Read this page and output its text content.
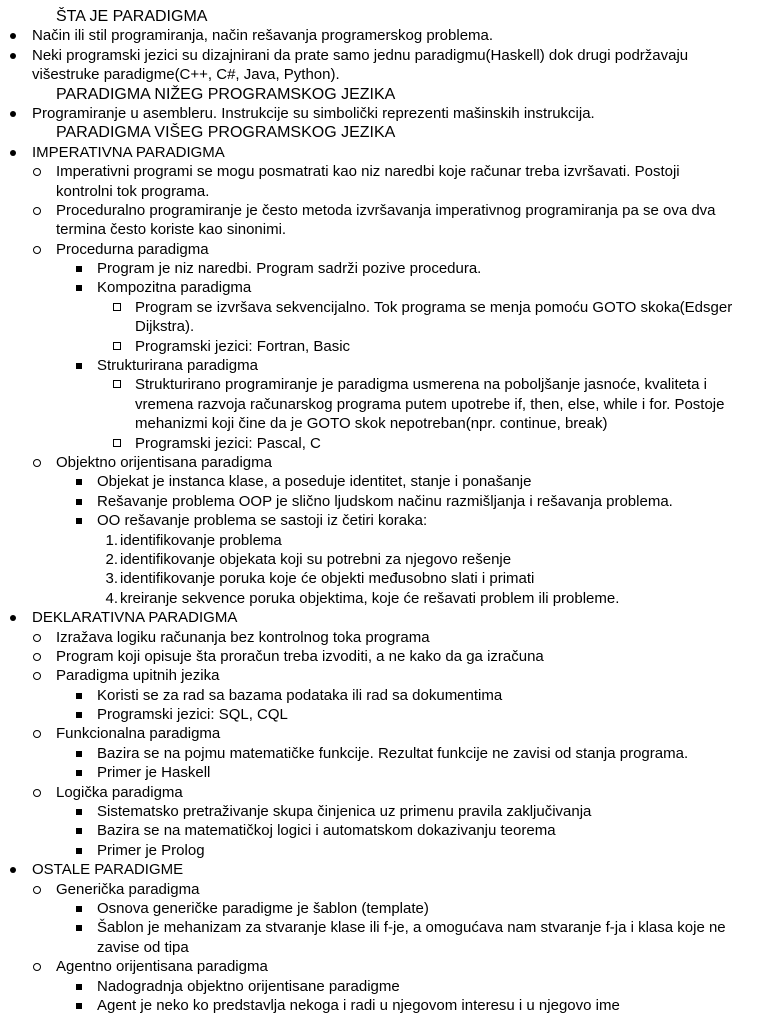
ŠTA JE PARADIGMA
Način ili stil programiranja, način rešavanja programerskog problema.
Neki programski jezici su dizajnirani da prate samo jednu paradigmu(Haskell) dok drugi podržavaju
višestruke paradigme(C++, C#, Java, Python).
PARADIGMA NIŽEG PROGRAMSKOG JEZIKA
Programiranje u asembleru. Instrukcije su simbolički reprezenti mašinskih instrukcija.
PARADIGMA VIŠEG PROGRAMSKOG JEZIKA
IMPERATIVNA PARADIGMA
Imperativni programi se mogu posmatrati kao niz naredbi koje računar treba izvršavati. Postoji
kontrolni tok programa.
Proceduralno programiranje je često metoda izvršavanja imperativnog programiranja pa se ova dva
termina često koriste kao sinonimi.
Procedurna paradigma
Program je niz naredbi. Program sadrži pozive procedura.
Kompozitna paradigma
Program se izvršava sekvencijalno. Tok programa se menja pomoću GOTO skoka(Edsger
Dijkstra).
Programski jezici: Fortran, Basic
Strukturirana paradigma
Strukturirano programiranje je paradigma usmerena na poboljšanje jasnoće, kvaliteta i
vremena razvoja računarskog programa putem upotrebe if, then, else, while i for. Postoje
mehanizmi koji čine da je GOTO skok nepotreban(npr. continue, break)
Programski jezici: Pascal, C
Objektno orijentisana paradigma
Objekat je instanca klase, a poseduje identitet, stanje i ponašanje
Rešavanje problema OOP je slično ljudskom načinu razmišljanja i rešavanja problema.
OO rešavanje problema se sastoji iz četiri koraka:
1. identifikovanje problema
2. identifikovanje objekata koji su potrebni za njegovo rešenje
3. identifikovanje poruka koje će objekti međusobno slati i primati
4. kreiranje sekvence poruka objektima, koje će rešavati problem ili probleme.
DEKLARATIVNA PARADIGMA
Izražava logiku računanja bez kontrolnog toka programa
Program koji opisuje šta proračun treba izvoditi, a ne kako da ga izračuna
Paradigma upitnih jezika
Koristi se za rad sa bazama podataka ili rad sa dokumentima
Programski jezici: SQL, CQL
Funkcionalna paradigma
Bazira se na pojmu matematičke funkcije. Rezultat funkcije ne zavisi od stanja programa.
Primer je Haskell
Logička paradigma
Sistematsko pretraživanje skupa činjenica uz primenu pravila zaključivanja
Bazira se na matematičkoj logici i automatskom dokazivanju teorema
Primer je Prolog
OSTALE PARADIGME
Generička paradigma
Osnova generičke paradigme je šablon (template)
Šablon je mehanizam za stvaranje klase ili f-je, a omogućava nam stvaranje f-ja i klasa koje ne
zavise od tipa
Agentno orijentisana paradigma
Nadogradnja objektno orijentisane paradigme
Agent je neko ko predstavlja nekoga i radi u njegovom interesu i u njegovo ime
